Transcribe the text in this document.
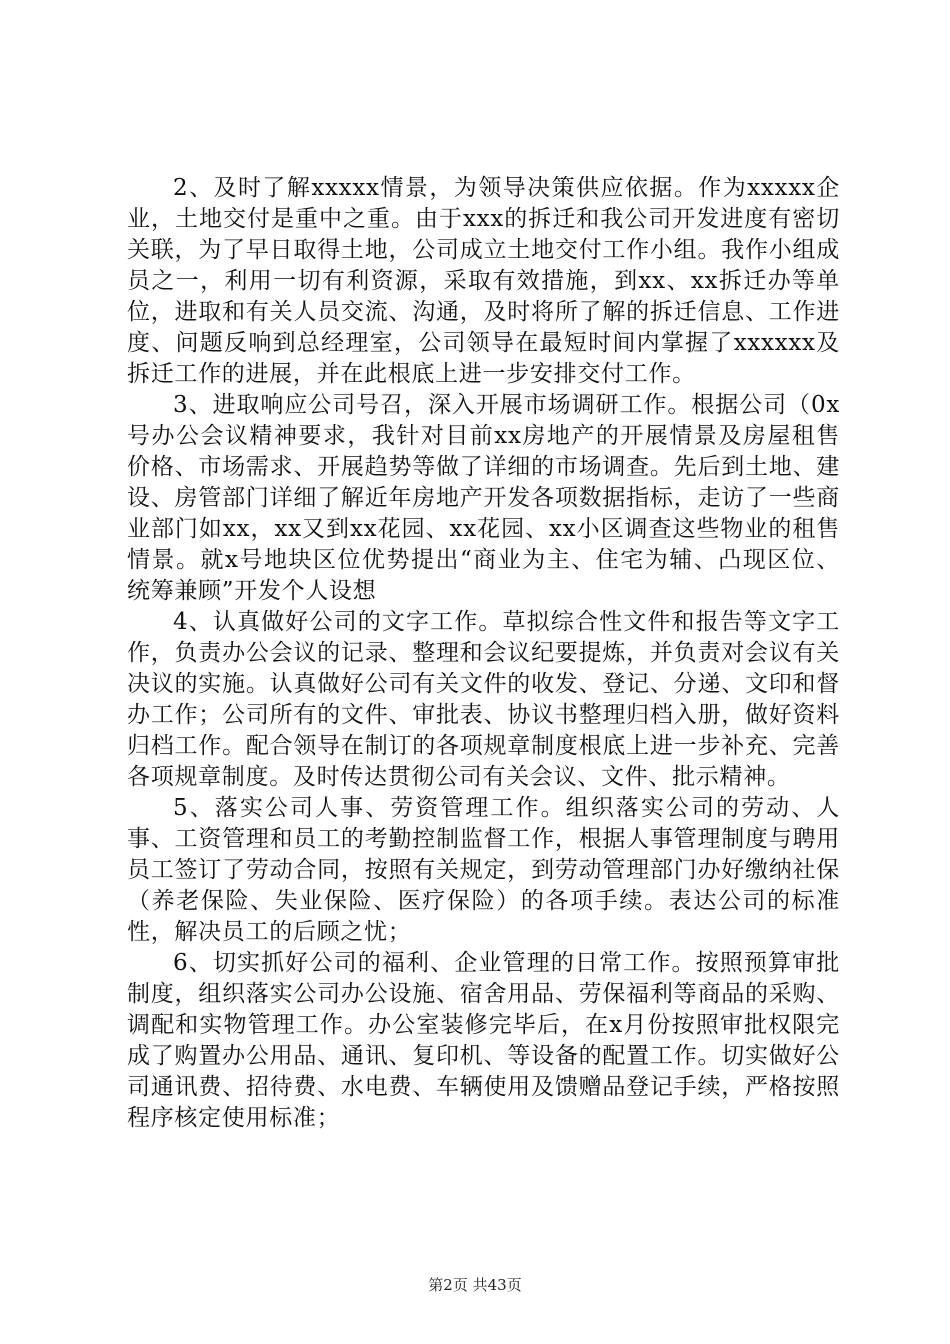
2、及时了解xxxxx情景，为领导决策供应依据。作为xxxxx企业，土地交付是重中之重。由于xxx的拆迁和我公司开发进度有密切关联，为了早日取得土地，公司成立土地交付工作小组。我作小组成员之一，利用一切有利资源，采取有效措施，到xx、xx拆迁办等单位，进取和有关人员交流、沟通，及时将所了解的拆迁信息、工作进度、问题反响到总经理室，公司领导在最短时间内掌握了xxxxxx及拆迁工作的进展，并在此根底上进一步安排交付工作。

3、进取响应公司号召，深入开展市场调研工作。根据公司（0x号办公会议精神要求，我针对目前xx房地产的开展情景及房屋租售价格、市场需求、开展趋势等做了详细的市场调查。先后到土地、建设、房管部门详细了解近年房地产开发各项数据指标，走访了一些商业部门如xx，xx又到xx花园、xx花园、xx小区调查这些物业的租售情景。就x号地块区位优势提出“商业为主、住宅为辅、凸现区位、统筹兼顾”开发个人设想

4、认真做好公司的文字工作。草拟综合性文件和报告等文字工作，负责办公会议的记录、整理和会议纪要提炼，并负责对会议有关决议的实施。认真做好公司有关文件的收发、登记、分递、文印和督办工作；公司所有的文件、审批表、协议书整理归档入册，做好资料归档工作。配合领导在制订的各项规章制度根底上进一步补充、完善各项规章制度。及时传达贯彻公司有关会议、文件、批示精神。

5、落实公司人事、劳资管理工作。组织落实公司的劳动、人事、工资管理和员工的考勤控制监督工作，根据人事管理制度与聘用员工签订了劳动合同，按照有关规定，到劳动管理部门办好缴纳社保（养老保险、失业保险、医疗保险）的各项手续。表达公司的标准性，解决员工的后顾之忧；

6、切实抓好公司的福利、企业管理的日常工作。按照预算审批制度，组织落实公司办公设施、宿舍用品、劳保福利等商品的采购、调配和实物管理工作。办公室装修完毕后，在x月份按照审批权限完成了购置办公用品、通讯、复印机、等设备的配置工作。切实做好公司通讯费、招待费、水电费、车辆使用及馈赠品登记手续，严格按照程序核定使用标准；

第2页 共43页
